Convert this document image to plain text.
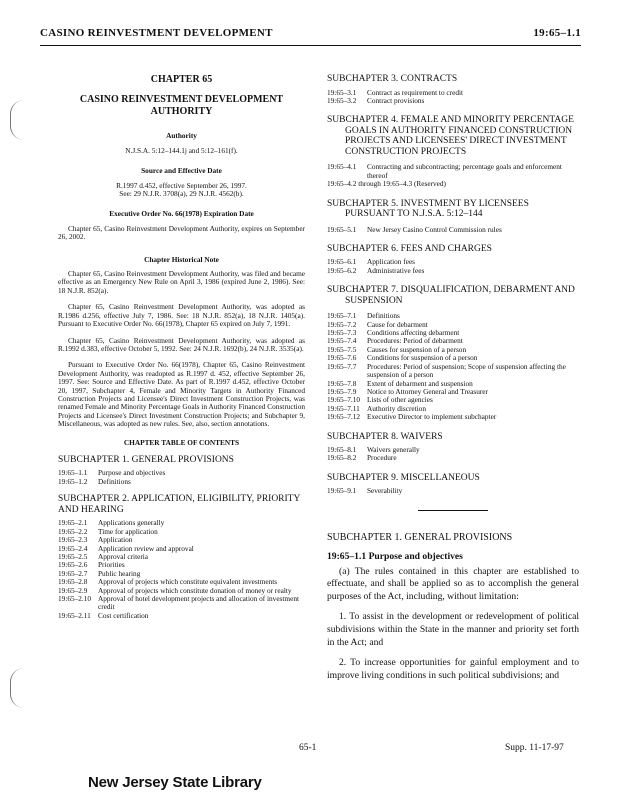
CASINO REINVESTMENT DEVELOPMENT	19:65–1.1
CHAPTER 65
CASINO REINVESTMENT DEVELOPMENT AUTHORITY
Authority
N.J.S.A. 5:12–144.1j and 5:12–161(f).
Source and Effective Date
R.1997 d.452, effective September 26, 1997.
See: 29 N.J.R. 3708(a), 29 N.J.R. 4562(b).
Executive Order No. 66(1978) Expiration Date
Chapter 65, Casino Reinvestment Development Authority, expires on September 26, 2002.
Chapter Historical Note
Chapter 65, Casino Reinvestment Development Authority, was filed and became effective as an Emergency New Rule on April 3, 1986 (expired June 2, 1986). See: 18 N.J.R. 852(a).
Chapter 65, Casino Reinvestment Development Authority, was adopted as R.1986 d.256, effective July 7, 1986. See: 18 N.J.R. 852(a), 18 N.J.R. 1405(a). Pursuant to Executive Order No. 66(1978), Chapter 65 expired on July 7, 1991.
Chapter 65, Casino Reinvestment Development Authority, was adopted as R.1992 d.383, effective October 5, 1992. See: 24 N.J.R. 1692(b), 24 N.J.R. 3535(a).
Pursuant to Executive Order No. 66(1978), Chapter 65, Casino Reinvestment Development Authority, was readopted as R.1997 d. 452, effective September 26, 1997. See: Source and Effective Date. As part of R.1997 d.452, effective October 20, 1997, Subchapter 4, Female and Minority Targets in Authority Financed Construction Projects and Licensee's Direct Investment Construction Projects, was renamed Female and Minority Percentage Goals in Authority Financed Construction Projects and Licensee's Direct Investment Construction Projects; and Subchapter 9, Miscellaneous, was adopted as new rules. See, also, section annotations.
CHAPTER TABLE OF CONTENTS
SUBCHAPTER 1. GENERAL PROVISIONS
19:65–1.1	Purpose and objectives
19:65–1.2	Definitions
SUBCHAPTER 2. APPLICATION, ELIGIBILITY, PRIORITY AND HEARING
19:65–2.1	Applications generally
19:65–2.2	Time for application
19:65–2.3	Application
19:65–2.4	Application review and approval
19:65–2.5	Approval criteria
19:65–2.6	Priorities
19:65–2.7	Public hearing
19:65–2.8	Approval of projects which constitute equivalent investments
19:65–2.9	Approval of projects which constitute donation of money or realty
19:65–2.10 Approval of hotel development projects and allocation of investment credit
19:65–2.11 Cost certification
SUBCHAPTER 3. CONTRACTS
19:65–3.1	Contract as requirement to credit
19:65–3.2	Contract provisions
SUBCHAPTER 4. FEMALE AND MINORITY PERCENTAGE GOALS IN AUTHORITY FINANCED CONSTRUCTION PROJECTS AND LICENSEES' DIRECT INVESTMENT CONSTRUCTION PROJECTS
19:65–4.1	Contracting and subcontracting; percentage goals and enforcement thereof
19:65–4.2 through 19:65–4.3 (Reserved)
SUBCHAPTER 5. INVESTMENT BY LICENSEES PURSUANT TO N.J.S.A. 5:12–144
19:65–5.1	New Jersey Casino Control Commission rules
SUBCHAPTER 6. FEES AND CHARGES
19:65–6.1	Application fees
19:65–6.2	Administrative fees
SUBCHAPTER 7. DISQUALIFICATION, DEBARMENT AND SUSPENSION
19:65–7.1	Definitions
19:65–7.2	Cause for debarment
19:65–7.3	Conditions affecting debarment
19:65–7.4	Procedures: Period of debarment
19:65–7.5	Causes for suspension of a person
19:65–7.6	Conditions for suspension of a person
19:65–7.7	Procedures: Period of suspension; Scope of suspension affecting the suspension of a person
19:65–7.8	Extent of debarment and suspension
19:65–7.9	Notice to Attorney General and Treasurer
19:65–7.10 Lists of other agencies
19:65–7.11 Authority discretion
19:65–7.12 Executive Director to implement subchapter
SUBCHAPTER 8. WAIVERS
19:65–8.1	Waivers generally
19:65–8.2	Procedure
SUBCHAPTER 9. MISCELLANEOUS
19:65–9.1	Severability
SUBCHAPTER 1. GENERAL PROVISIONS
19:65–1.1 Purpose and objectives

(a) The rules contained in this chapter are established to effectuate, and shall be applied so as to accomplish the general purposes of the Act, including, without limitation:

1. To assist in the development or redevelopment of political subdivisions within the State in the manner and priority set forth in the Act; and

2. To increase opportunities for gainful employment and to improve living conditions in such political subdivisions; and

65-1	Supp. 11-17-97
New Jersey State Library
